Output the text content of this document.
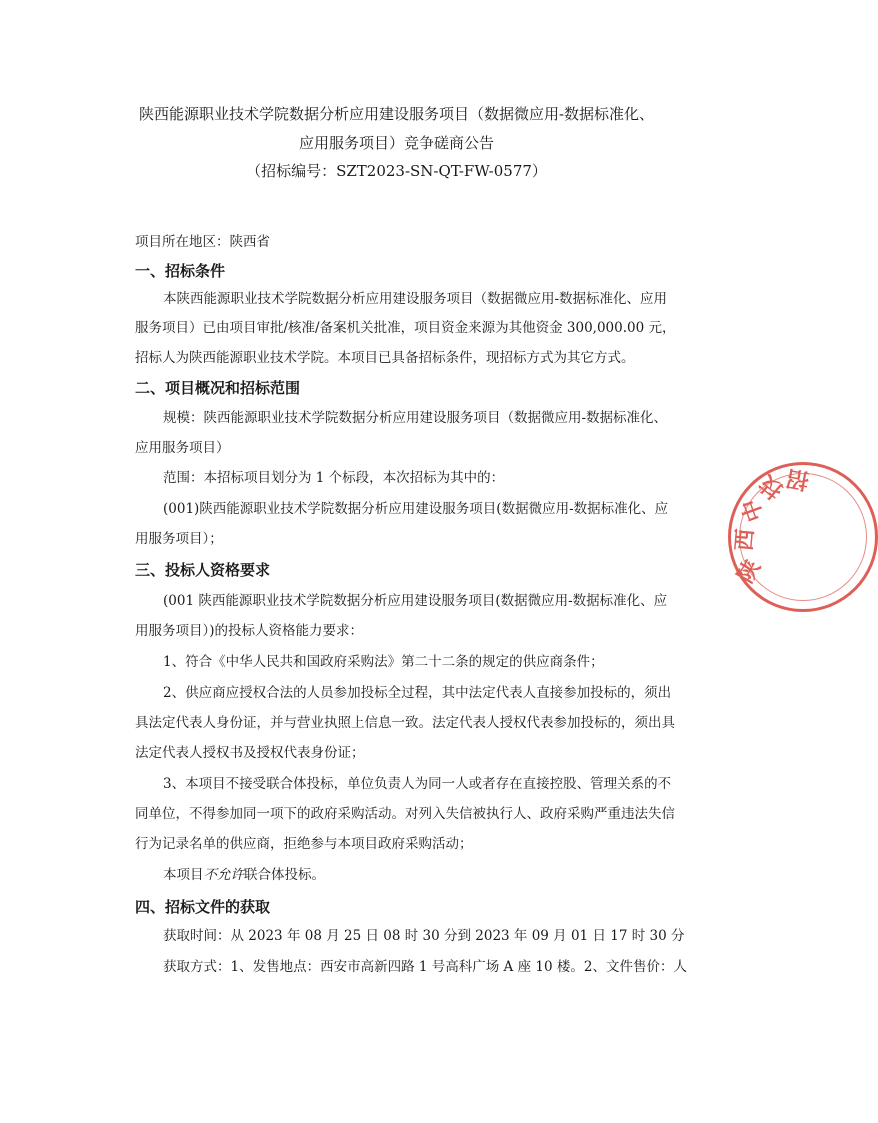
陕西能源职业技术学院数据分析应用建设服务项目（数据微应用-数据标准化、
应用服务项目）竞争磋商公告
（招标编号：SZT2023-SN-QT-FW-0577）
项目所在地区：陕西省
一、招标条件
本陕西能源职业技术学院数据分析应用建设服务项目（数据微应用-数据标准化、应用
服务项目）已由项目审批/核准/备案机关批准，项目资金来源为其他资金 300,000.00 元，
招标人为陕西能源职业技术学院。本项目已具备招标条件，现招标方式为其它方式。
二、项目概况和招标范围
规模：陕西能源职业技术学院数据分析应用建设服务项目（数据微应用-数据标准化、
应用服务项目）
范围：本招标项目划分为 1 个标段，本次招标为其中的：
(001)陕西能源职业技术学院数据分析应用建设服务项目(数据微应用-数据标准化、应
用服务项目）；
三、投标人资格要求
(001 陕西能源职业技术学院数据分析应用建设服务项目(数据微应用-数据标准化、应
用服务项目）)的投标人资格能力要求：
1、符合《中华人民共和国政府采购法》第二十二条的规定的供应商条件；
2、供应商应授权合法的人员参加投标全过程，其中法定代表人直接参加投标的，须出
具法定代表人身份证，并与营业执照上信息一致。法定代表人授权代表参加投标的，须出具
法定代表人授权书及授权代表身份证；
3、本项目不接受联合体投标，单位负责人为同一人或者存在直接控股、管理关系的不
同单位，不得参加同一项下的政府采购活动。对列入失信被执行人、政府采购严重违法失信
行为记录名单的供应商，拒绝参与本项目政府采购活动；
本项目不允许联合体投标。
四、招标文件的获取
获取时间：从 2023 年 08 月 25 日 08 时 30 分到 2023 年 09 月 01 日 17 时 30 分
获取方式：1、发售地点：西安市高新四路 1 号高科广场 A 座 10 楼。2、文件售价：人
陕
西
中
技
招
